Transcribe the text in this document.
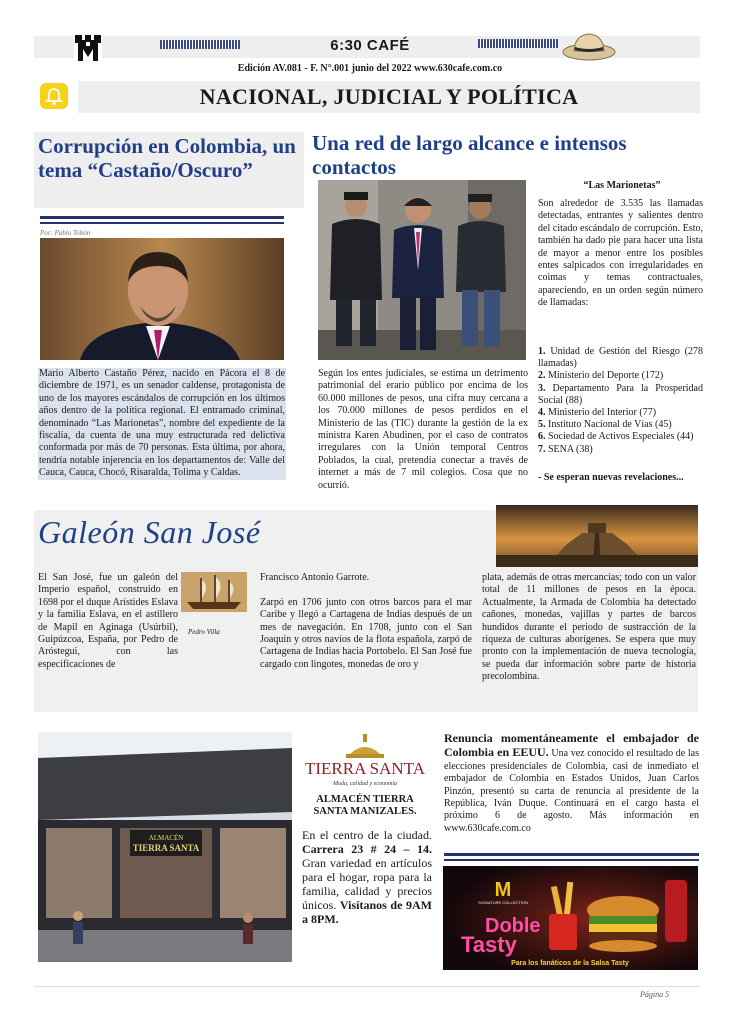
6:30 CAFÉ
Edición AV.081 - F. N°.001 junio del 2022 www.630cafe.com.co
NACIONAL, JUDICIAL Y POLÍTICA
Corrupción en Colombia, un tema “Castaño/Oscuro”
Por: Pablo Tobón
Mario Alberto Castaño Pérez, nacido en Pácora el 8 de diciembre de 1971, es un senador caldense, protagonista de uno de los mayores escándalos de corrupción en los últimos años dentro de la política regional. El entramado criminal, denominado “Las Marionetas”, nombre del expediente de la fiscalía, da cuenta de una muy estructurada red delictiva conformada por más de 70 personas. Esta última, por ahora, tendría notable injerencia en los departamentos de: Valle del Cauca, Cauca, Chocó, Risaralda, Tolima y Caldas.
Una red de largo alcance e intensos contactos
Según los entes judiciales, se estima un detrimento patrimonial del erario público por encima de los 60.000 millones de pesos, una cifra muy cercana a los 70.000 millones de pesos perdidos en el Ministerio de las (TIC) durante la gestión de la ex ministra Karen Abudinen, por el caso de contratos irregulares con la Unión temporal Centros Poblados, la cual, pretendía conectar a través de internet a más de 7 mil colegios. Cosa que no ocurrió.
“Las Marionetas”
Son alrededor de 3.535 las llamadas detectadas, entrantes y salientes dentro del citado escándalo de corrupción. Esto, también ha dado pie para hacer una lista de mayor a menor entre los posibles entes salpicados con irregularidades en coimas y temas contractuales, apareciendo, en un orden según número de llamadas:
1. Unidad de Gestión del Riesgo (278 llamadas)
2. Ministerio del Deporte (172)
3. Departamento Para la Prosperidad Social (88)
4. Ministerio del Interior (77)
5. Instituto Nacional de Vías (45)
6. Sociedad de Activos Especiales (44)
7. SENA (38)
- Se esperan nuevas revelaciones...
Galeón San José
El San José, fue un galeón del Imperio español, construido en 1698 por el duque Arístides Eslava y la familia Eslava, en el astillero de Mapil en Aginaga (Usúrbil), Guipúzcoa, España, por Pedro de Aróstegui, con las especificaciones de
Pedro Villa
Francisco Antonio Garrote.

Zarpó en 1706 junto con otros barcos para el mar Caribe y llegó a Cartagena de Indias después de un mes de navegación. En 1708, junto con el San Joaquín y otros navíos de la flota española, zarpó de Cartagena de Indias hacia Portobelo. El San José fue cargado con lingotes, monedas de oro y
plata, además de otras mercancías; todo con un valor total de 11 millones de pesos en la época. Actualmente, la Armada de Colombia ha detectado cañones, monedas, vajillas y partes de barcos hundidos durante el periodo de sustracción de la riqueza de culturas aborígenes. Se espera que muy pronto con la implementación de nueva tecnología, se pueda dar información sobre parte de historia precolombina.
ALMACÉN
TIERRA SANTA
TIERRA SANTA
Moda, calidad y economía
ALMACÉN TIERRA SANTA MANIZALES.
En el centro de la ciudad. Carrera 23 # 24 – 14. Gran variedad en artículos para el hogar, ropa para la familia, calidad y precios únicos. Visítanos de 9AM a 8PM.
Renuncia momentáneamente el embajador de Colombia en EEUU. Una vez conocido el resultado de las elecciones presidenciales de Colombia, casi de inmediato el embajador de Colombia en Estados Unidos, Juan Carlos Pinzón, presentó su carta de renuncia al presidente de la República, Iván Duque. Continuará en el cargo hasta el próximo 6 de agosto. Más información en www.630cafe.com.co
M
SIGNATURE COLLECTION
Doble
Tasty
Para los fanáticos de la Salsa Tasty
Página 5
